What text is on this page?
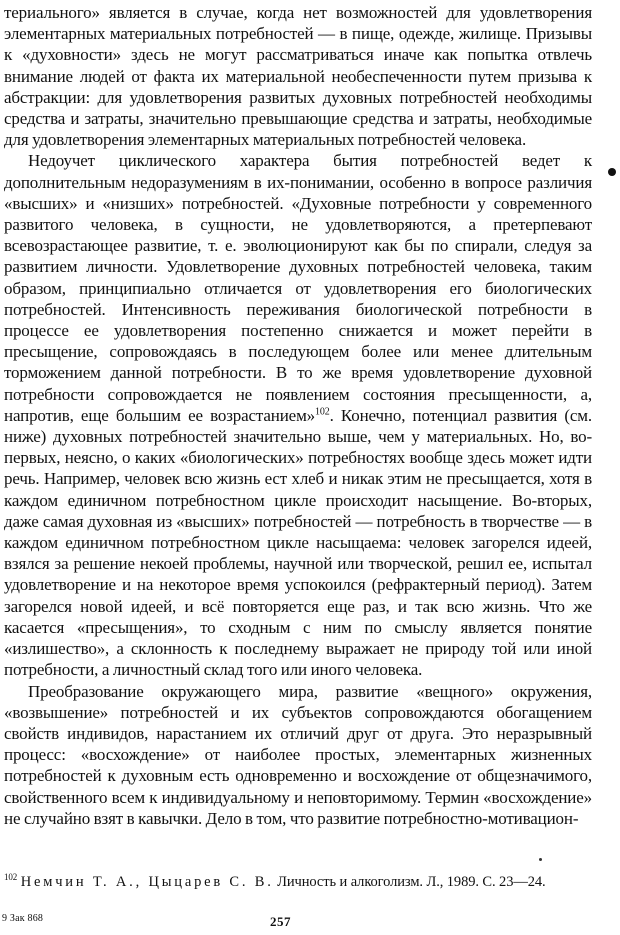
териального» является в случае, когда нет возможностей для удовлетворения элементарных материальных потребностей — в пище, одежде, жилище. Призывы к «духовности» здесь не могут рассматриваться иначе как попытка отвлечь внимание людей от факта их материальной необеспеченности путем призыва к абстракции: для удовлетворения развитых духовных потребностей необходимы средства и затраты, значительно превышающие средства и затраты, необходимые для удовлетворения элементарных материальных потребностей человека.

Недоучет циклического характера бытия потребностей ведет к дополнительным недоразумениям в их-понимании, особенно в вопросе различия «высших» и «низших» потребностей. «Духовные потребности у современного развитого человека, в сущности, не удовлетворяются, а претерпевают всевозрастающее развитие, т. е. эволюционируют как бы по спирали, следуя за развитием личности. Удовлетворение духовных потребностей человека, таким образом, принципиально отличается от удовлетворения его биологических потребностей. Интенсивность переживания биологической потребности в процессе ее удовлетворения постепенно снижается и может перейти в пресыщение, сопровождаясь в последующем более или менее длительным торможением данной потребности. В то же время удовлетворение духовной потребности сопровождается не появлением состояния пресыщенности, а, напротив, еще большим ее возрастанием»$^{102}$. Конечно, потенциал развития (см. ниже) духовных потребностей значительно выше, чем у материальных. Но, во-первых, неясно, о каких «биологических» потребностях вообще здесь может идти речь. Например, человек всю жизнь ест хлеб и никак этим не пресыщается, хотя в каждом единичном потребностном цикле происходит насыщение. Во-вторых, даже самая духовная из «высших» потребностей — потребность в творчестве — в каждом единичном потребностном цикле насыщаема: человек загорелся идеей, взялся за решение некоей проблемы, научной или творческой, решил ее, испытал удовлетворение и на некоторое время успокоился (рефрактерный период). Затем загорелся новой идеей, и всё повторяется еще раз, и так всю жизнь. Что же касается «пресыщения», то сходным с ним по смыслу является понятие «излишество», а склонность к последнему выражает не природу той или иной потребности, а личностный склад того или иного человека.

Преобразование окружающего мира, развитие «вещного» окружения, «возвышение» потребностей и их субъектов сопровождаются обогащением свойств индивидов, нарастанием их отличий друг от друга. Это неразрывный процесс: «восхождение» от наиболее простых, элементарных жизненных потребностей к духовным есть одновременно и восхождение от общезначимого, свойственного всем к индивидуальному и неповторимому. Термин «восхождение» не случайно взят в кавычки. Дело в том, что развитие потребностно-мотивацион-

$^{102}$ Немчин Т. А., Цыцарев С. В. Личность и алкоголизм. Л., 1989. С. 23—24.
9 Зак 868	257
